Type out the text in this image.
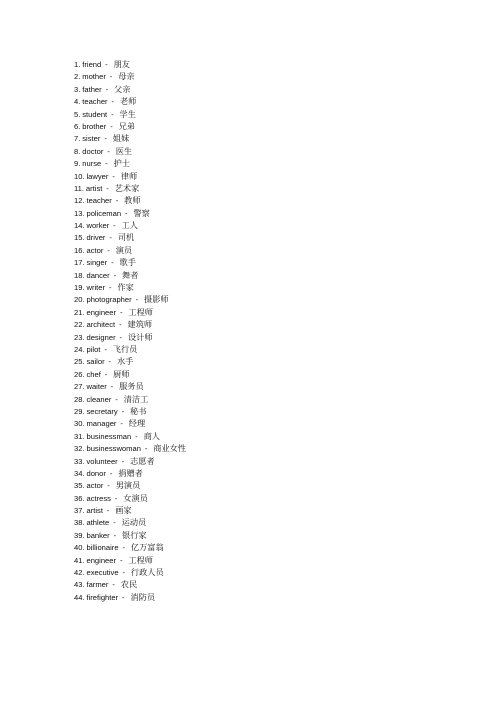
1. friend - 朋友
2. mother - 母亲
3. father - 父亲
4. teacher - 老师
5. student - 学生
6. brother - 兄弟
7. sister - 姐妹
8. doctor - 医生
9. nurse - 护士
10. lawyer - 律师
11. artist - 艺术家
12. teacher - 教师
13. policeman - 警察
14. worker - 工人
15. driver - 司机
16. actor - 演员
17. singer - 歌手
18. dancer - 舞者
19. writer - 作家
20. photographer - 摄影师
21. engineer - 工程师
22. architect - 建筑师
23. designer - 设计师
24. pilot - 飞行员
25. sailor - 水手
26. chef - 厨师
27. waiter - 服务员
28. cleaner - 清洁工
29. secretary - 秘书
30. manager - 经理
31. businessman - 商人
32. businesswoman - 商业女性
33. volunteer - 志愿者
34. donor - 捐赠者
35. actor - 男演员
36. actress - 女演员
37. artist - 画家
38. athlete - 运动员
39. banker - 银行家
40. billionaire - 亿万富翁
41. engineer - 工程师
42. executive - 行政人员
43. farmer - 农民
44. firefighter - 消防员
